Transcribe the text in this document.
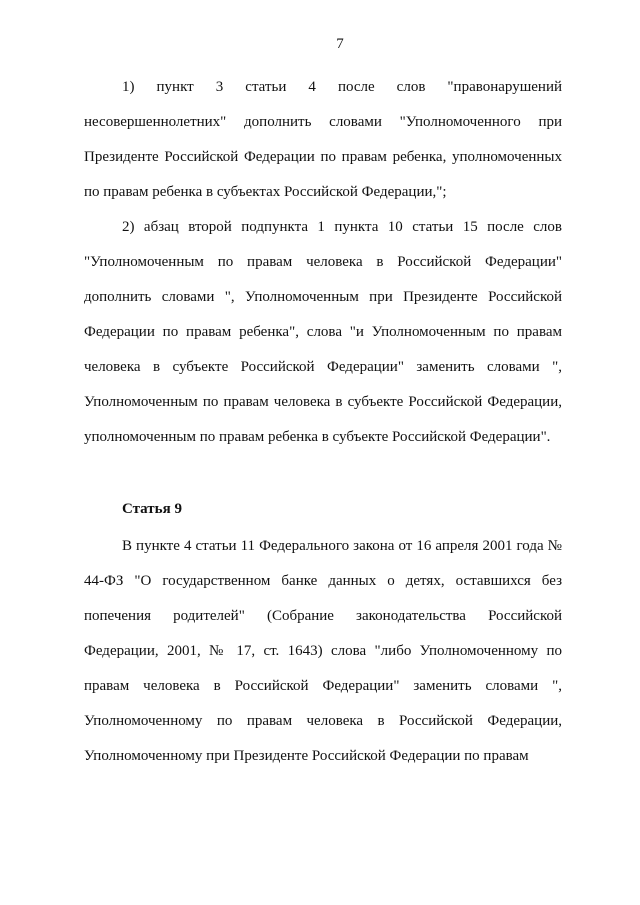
7

1) пункт 3 статьи 4 после слов "правонарушений несовершеннолетних" дополнить словами "Уполномоченного при Президенте Российской Федерации по правам ребенка, уполномоченных по правам ребенка в субъектах Российской Федерации,";

2) абзац второй подпункта 1 пункта 10 статьи 15 после слов "Уполномоченным по правам человека в Российской Федерации" дополнить словами ", Уполномоченным при Президенте Российской Федерации по правам ребенка", слова "и Уполномоченным по правам человека в субъекте Российской Федерации" заменить словами ", Уполномоченным по правам человека в субъекте Российской Федерации, уполномоченным по правам ребенка в субъекте Российской Федерации".

Статья 9

В пункте 4 статьи 11 Федерального закона от 16 апреля 2001 года № 44-ФЗ "О государственном банке данных о детях, оставшихся без попечения родителей" (Собрание законодательства Российской Федерации, 2001, № 17, ст. 1643) слова "либо Уполномоченному по правам человека в Российской Федерации" заменить словами ", Уполномоченному по правам человека в Российской Федерации, Уполномоченному при Президенте Российской Федерации по правам
